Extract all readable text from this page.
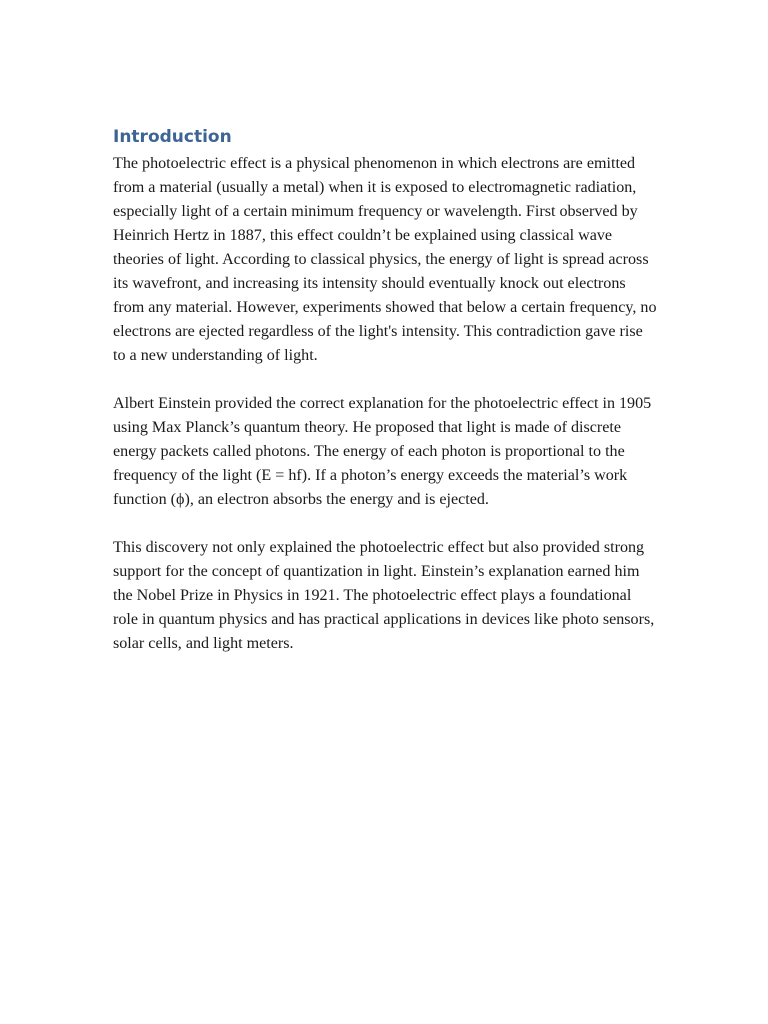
Introduction

The photoelectric effect is a physical phenomenon in which electrons are emitted from a material (usually a metal) when it is exposed to electromagnetic radiation, especially light of a certain minimum frequency or wavelength. First observed by Heinrich Hertz in 1887, this effect couldn’t be explained using classical wave theories of light. According to classical physics, the energy of light is spread across its wavefront, and increasing its intensity should eventually knock out electrons from any material. However, experiments showed that below a certain frequency, no electrons are ejected regardless of the light's intensity. This contradiction gave rise to a new understanding of light.

Albert Einstein provided the correct explanation for the photoelectric effect in 1905 using Max Planck’s quantum theory. He proposed that light is made of discrete energy packets called photons. The energy of each photon is proportional to the frequency of the light (E = hf). If a photon’s energy exceeds the material’s work function (ϕ), an electron absorbs the energy and is ejected.

This discovery not only explained the photoelectric effect but also provided strong support for the concept of quantization in light. Einstein’s explanation earned him the Nobel Prize in Physics in 1921. The photoelectric effect plays a foundational role in quantum physics and has practical applications in devices like photo sensors, solar cells, and light meters.
